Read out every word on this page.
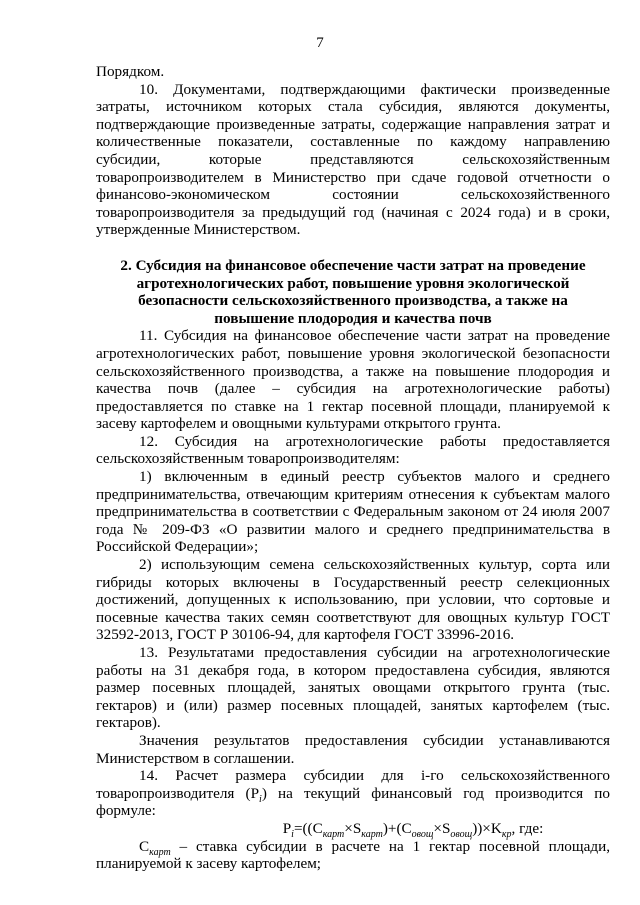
7

Порядком.

10. Документами, подтверждающими фактически произведенные затраты, источником которых стала субсидия, являются документы, подтверждающие произведенные затраты, содержащие направления затрат и количественные показатели, составленные по каждому направлению субсидии, которые представляются сельскохозяйственным товаропроизводителем в Министерство при сдаче годовой отчетности о финансово-экономическом состоянии сельскохозяйственного товаропроизводителя за предыдущий год (начиная с 2024 года) и в сроки, утвержденные Министерством.

2. Субсидия на финансовое обеспечение части затрат на проведение агротехнологических работ, повышение уровня экологической безопасности сельскохозяйственного производства, а также на повышение плодородия и качества почв

11. Субсидия на финансовое обеспечение части затрат на проведение агротехнологических работ, повышение уровня экологической безопасности сельскохозяйственного производства, а также на повышение плодородия и качества почв (далее – субсидия на агротехнологические работы) предоставляется по ставке на 1 гектар посевной площади, планируемой к засеву картофелем и овощными культурами открытого грунта.

12. Субсидия на агротехнологические работы предоставляется сельскохозяйственным товаропроизводителям:

1) включенным в единый реестр субъектов малого и среднего предпринимательства, отвечающим критериям отнесения к субъектам малого предпринимательства в соответствии с Федеральным законом от 24 июля 2007 года № 209-ФЗ «О развитии малого и среднего предпринимательства в Российской Федерации»;

2) использующим семена сельскохозяйственных культур, сорта или гибриды которых включены в Государственный реестр селекционных достижений, допущенных к использованию, при условии, что сортовые и посевные качества таких семян соответствуют для овощных культур ГОСТ 32592-2013, ГОСТ Р 30106-94, для картофеля ГОСТ 33996-2016.

13. Результатами предоставления субсидии на агротехнологические работы на 31 декабря года, в котором предоставлена субсидия, являются размер посевных площадей, занятых овощами открытого грунта (тыс. гектаров) и (или) размер посевных площадей, занятых картофелем (тыс. гектаров).

Значения результатов предоставления субсидии устанавливаются Министерством в соглашении.

14. Расчет размера субсидии для i-го сельскохозяйственного товаропроизводителя $(P_i)$ на текущий финансовый год производится по формуле:

$P_i=((C_{карт}\times S_{карт})+(C_{овощ}\times S_{овощ}))\times K_{кр}$, где:

$C_{карт}$ – ставка субсидии в расчете на 1 гектар посевной площади, планируемой к засеву картофелем;
